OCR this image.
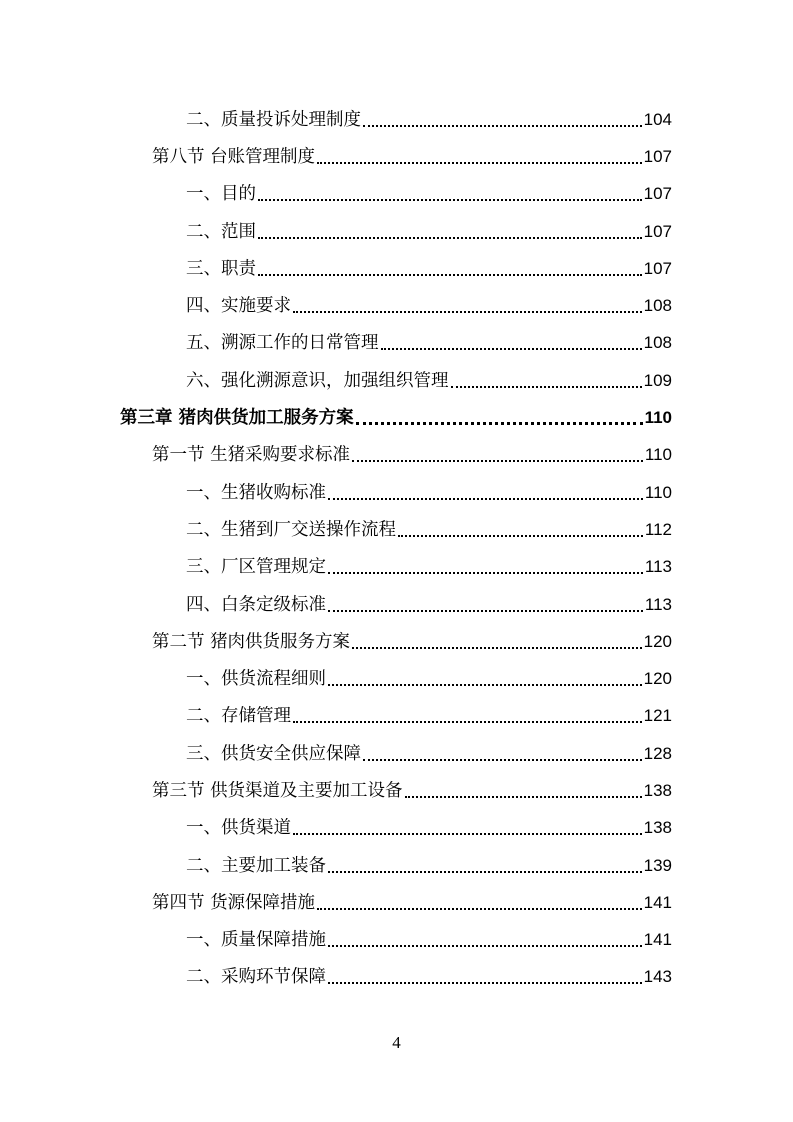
二、质量投诉处理制度	104
第八节 台账管理制度	107
一、目的	107
二、范围	107
三、职责	107
四、实施要求	108
五、溯源工作的日常管理	108
六、强化溯源意识，加强组织管理	109
第三章 猪肉供货加工服务方案	110
第一节 生猪采购要求标准	110
一、生猪收购标准	110
二、生猪到厂交送操作流程	112
三、厂区管理规定	113
四、白条定级标准	113
第二节 猪肉供货服务方案	120
一、供货流程细则	120
二、存储管理	121
三、供货安全供应保障	128
第三节 供货渠道及主要加工设备	138
一、供货渠道	138
二、主要加工装备	139
第四节 货源保障措施	141
一、质量保障措施	141
二、采购环节保障	143
4
